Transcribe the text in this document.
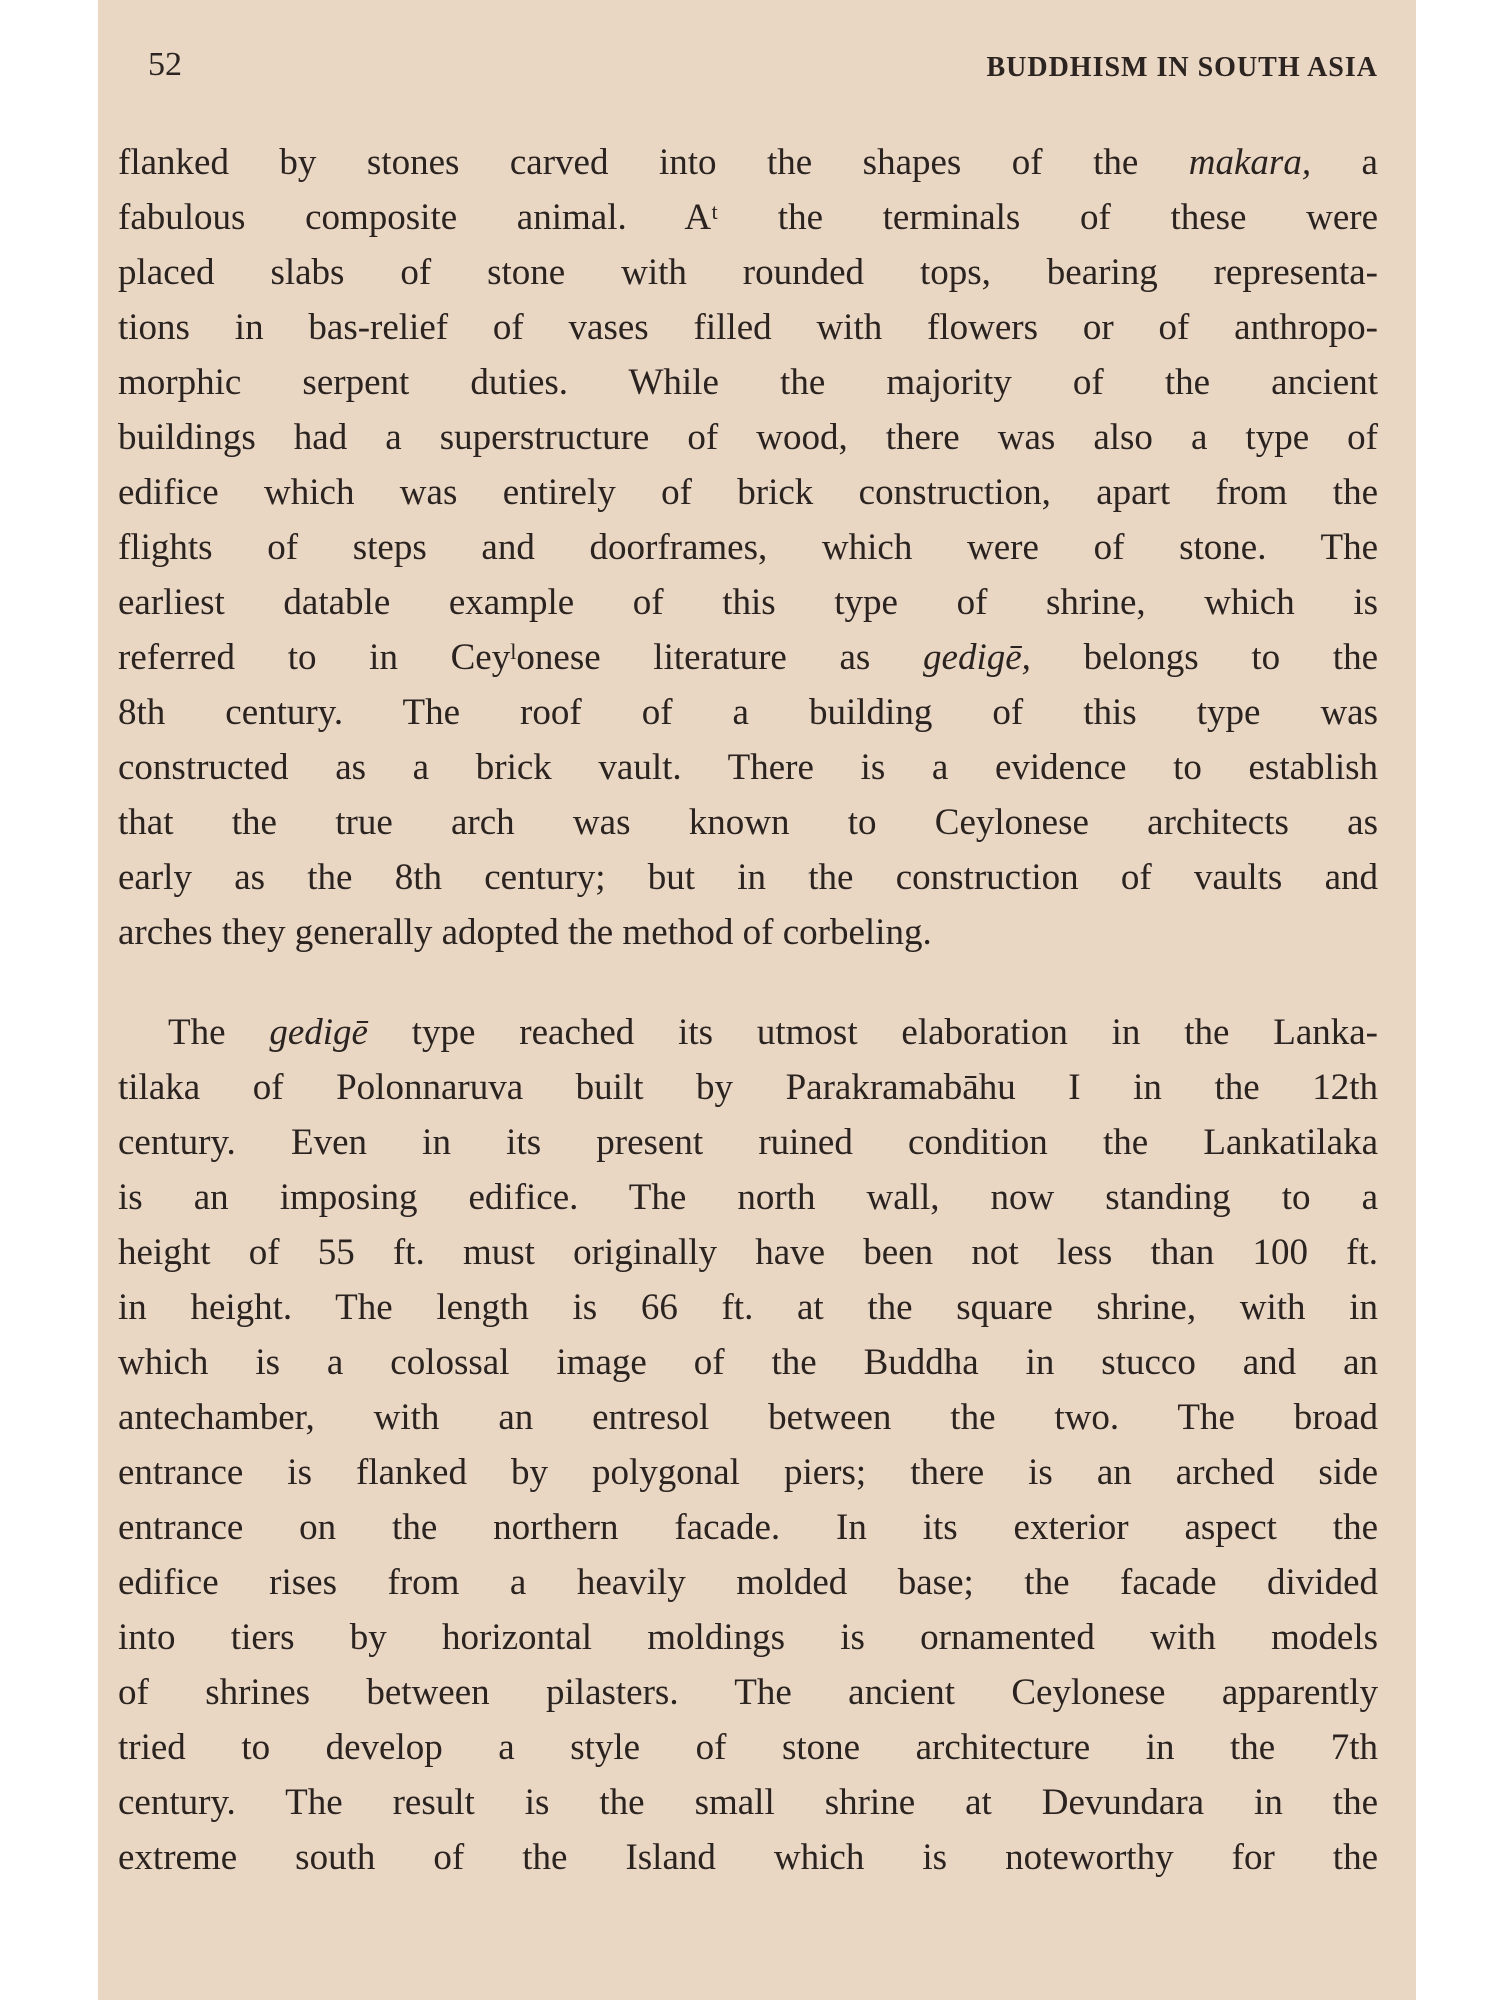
52	BUDDHISM IN SOUTH ASIA
flanked by stones carved into the shapes of the makara, a
fabulous composite animal. Aᵗ the terminals of these were
placed slabs of stone with rounded tops, bearing representa-
tions in bas-relief of vases filled with flowers or of anthropo-
morphic serpent duties. While the majority of the ancient
buildings had a superstructure of wood, there was also a type of
edifice which was entirely of brick construction, apart from the
flights of steps and doorframes, which were of stone. The
earliest datable example of this type of shrine, which is
referred to in Ceyˡonese literature as gedigē, belongs to the
8th century. The roof of a building of this type was
constructed as a brick vault. There is a evidence to establish
that the true arch was known to Ceylonese architects as
early as the 8th century; but in the construction of vaults and
arches they generally adopted the method of corbeling.
The gedigē type reached its utmost elaboration in the Lanka-
tilaka of Polonnaruva built by Parakramabāhu I in the 12th
century. Even in its present ruined condition the Lankatilaka
is an imposing edifice. The north wall, now standing to a
height of 55 ft. must originally have been not less than 100 ft.
in height. The length is 66 ft. at the square shrine, with in
which is a colossal image of the Buddha in stucco and an
antechamber, with an entresol between the two. The broad
entrance is flanked by polygonal piers; there is an arched side
entrance on the northern facade. In its exterior aspect the
edifice rises from a heavily molded base; the facade divided
into tiers by horizontal moldings is ornamented with models
of shrines between pilasters. The ancient Ceylonese apparently
tried to develop a style of stone architecture in the 7th
century. The result is the small shrine at Devundara in the
extreme south of the Island which is noteworthy for the
